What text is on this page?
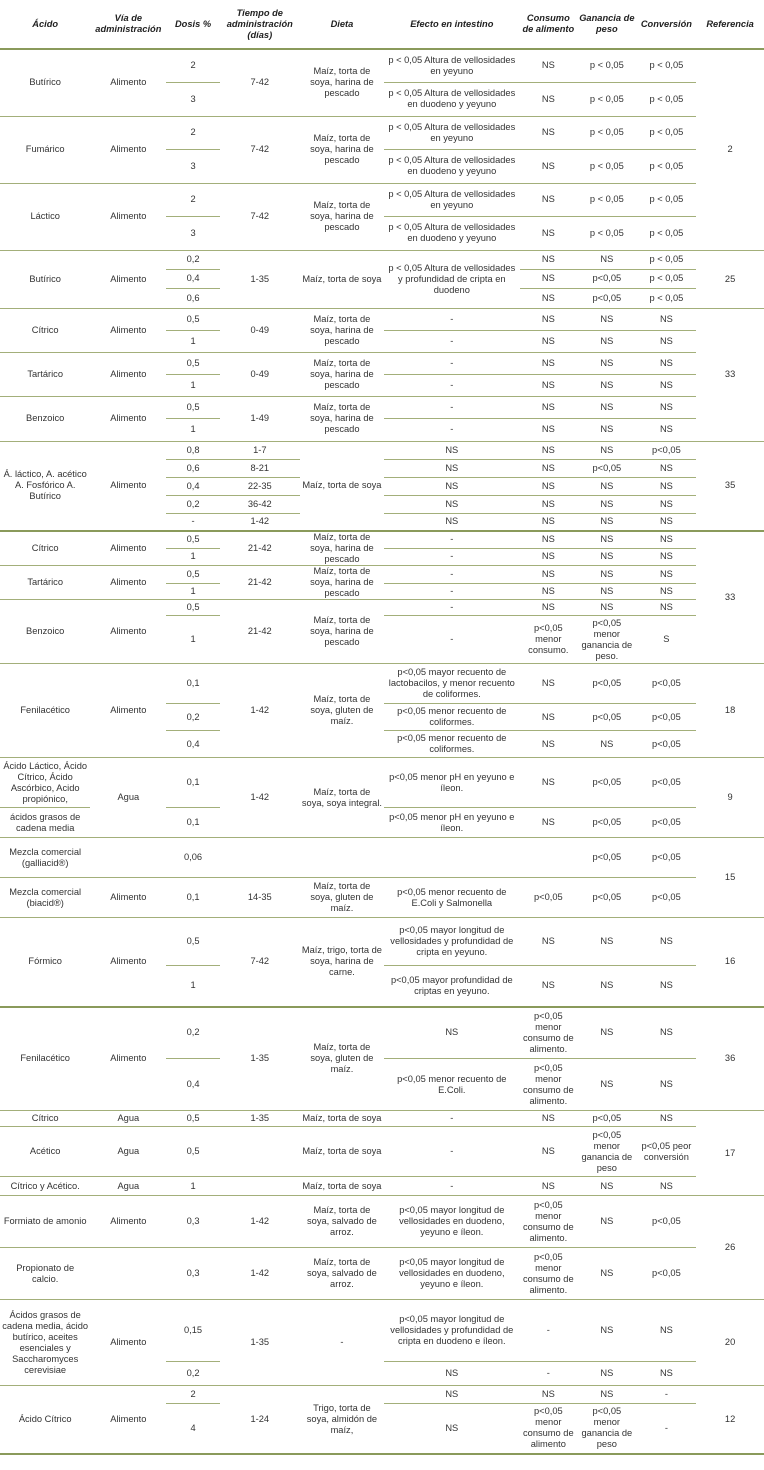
Ácido	Vía de administración	Dosis %	Tiempo de administración (días)	Dieta	Efecto en intestino	Consumo de alimento	Ganancia de peso	Conversión	Referencia
Butírico	Alimento	2	7-42	Maíz, torta de soya, harina de pescado	p < 0,05 Altura de vellosidades en yeyuno	NS	p < 0,05	p < 0,05	2
		3			p < 0,05 Altura de vellosidades en duodeno y yeyuno	NS	p < 0,05	p < 0,05	
Fumárico	Alimento	2	7-42	Maíz, torta de soya, harina de pescado	p < 0,05 Altura de vellosidades en yeyuno	NS	p < 0,05	p < 0,05	
		3			p < 0,05 Altura de vellosidades en duodeno y yeyuno	NS	p < 0,05	p < 0,05	
Láctico	Alimento	2	7-42	Maíz, torta de soya, harina de pescado	p < 0,05 Altura de vellosidades en yeyuno	NS	p < 0,05	p < 0,05	
		3			p < 0,05 Altura de vellosidades en duodeno y yeyuno	NS	p < 0,05	p < 0,05	
Butírico	Alimento	0,2	1-35	Maíz, torta de soya	p < 0,05 Altura de vellosidades y profundidad de cripta en duodeno	NS	NS	p < 0,05	25
		0,4				NS	p<0,05	p < 0,05	
		0,6				NS	p<0,05	p < 0,05	
Cítrico	Alimento	0,5	0-49	Maíz, torta de soya, harina de pescado	-	NS	NS	NS	33
		1			-	NS	NS	NS	
Tartárico	Alimento	0,5	0-49	Maíz, torta de soya, harina de pescado	-	NS	NS	NS	
		1			-	NS	NS	NS	
Benzoico	Alimento	0,5	1-49	Maíz, torta de soya, harina de pescado	-	NS	NS	NS	
		1			-	NS	NS	NS	
Á. láctico, A. acético A. Fosfórico A. Butírico	Alimento	0,8	1-7	Maíz, torta de soya	NS	NS	NS	p<0,05	35
		0,6	8-21		NS	NS	p<0,05	NS	
		0,4	22-35		NS	NS	NS	NS	
		0,2	36-42		NS	NS	NS	NS	
		-	1-42		NS	NS	NS	NS	
Cítrico	Alimento	0,5	21-42	Maíz, torta de soya, harina de pescado	-	NS	NS	NS	33
		1			-	NS	NS	NS	
Tartárico	Alimento	0,5	21-42	Maíz, torta de soya, harina de pescado	-	NS	NS	NS	
		1			-	NS	NS	NS	
Benzoico	Alimento	0,5	21-42	Maíz, torta de soya, harina de pescado	-	NS	NS	NS	
		1			-	p<0,05 menor consumo.	p<0,05 menor ganancia de peso.	S	
Fenilacético	Alimento	0,1	1-42	Maíz, torta de soya, gluten de maíz.	p<0,05 mayor recuento de lactobacilos, y menor recuento de coliformes.	NS	p<0,05	p<0,05	18
		0,2			p<0,05 menor recuento de coliformes.	NS	p<0,05	p<0,05	
		0,4			p<0,05 menor recuento de coliformes.	NS	NS	p<0,05	
Ácido Láctico, Ácido Cítrico, Ácido Ascórbico, Acido propiónico,	Agua	0,1	1-42	Maíz, torta de soya, soya integral.	p<0,05 menor pH en yeyuno e íleon.	NS	p<0,05	p<0,05	9
ácidos grasos de cadena media		0,1			p<0,05 menor pH en yeyuno e íleon.	NS	p<0,05	p<0,05	
Mezcla comercial (galliacid®)		0,06					p<0,05	p<0,05	15
Mezcla comercial (biacid®)	Alimento	0,1	14-35	Maíz, torta de soya, gluten de maíz.	p<0,05 menor recuento de E.Coli y Salmonella	p<0,05	p<0,05	p<0,05	
Fórmico	Alimento	0,5	7-42	Maíz, trigo, torta de soya, harina de carne.	p<0,05 mayor longitud de vellosidades y profundidad de cripta en yeyuno.	NS	NS	NS	16
		1			p<0,05 mayor profundidad de criptas en yeyuno.	NS	NS	NS	
Fenilacético	Alimento	0,2	1-35	Maíz, torta de soya, gluten de maíz.	NS	p<0,05 menor consumo de alimento.	NS	NS	36
		0,4			p<0,05 menor recuento de E.Coli.	p<0,05 menor consumo de alimento.	NS	NS	
Cítrico	Agua	0,5	1-35	Maíz, torta de soya	-	NS	p<0,05	NS	17
Acético	Agua	0,5		Maíz, torta de soya	-	NS	p<0,05 menor ganancia de peso	p<0,05 peor conversión	
Cítrico y Acético.	Agua	1		Maíz, torta de soya	-	NS	NS	NS	
Formiato de amonio	Alimento	0,3	1-42	Maíz, torta de soya, salvado de arroz.	p<0,05 mayor longitud de vellosidades en duodeno, yeyuno e íleon.	p<0,05 menor consumo de alimento.	NS	p<0,05	26
Propionato de calcio.		0,3	1-42	Maíz, torta de soya, salvado de arroz.	p<0,05 mayor longitud de vellosidades en duodeno, yeyuno e íleon.	p<0,05 menor consumo de alimento.	NS	p<0,05	
Ácidos grasos de cadena media, ácido butírico, aceites esenciales y Saccharomyces cerevisiae	Alimento	0,15	1-35	-	p<0,05 mayor longitud de vellosidades y profundidad de cripta en duodeno e íleon.	-	NS	NS	20
		0,2			NS	-	NS	NS	
Ácido Cítrico	Alimento	2	1-24	Trigo, torta de soya, almidón de maíz,	NS	NS	NS	-	12
		4			NS	p<0,05 menor consumo de alimento	p<0,05 menor ganancia de peso	-	
